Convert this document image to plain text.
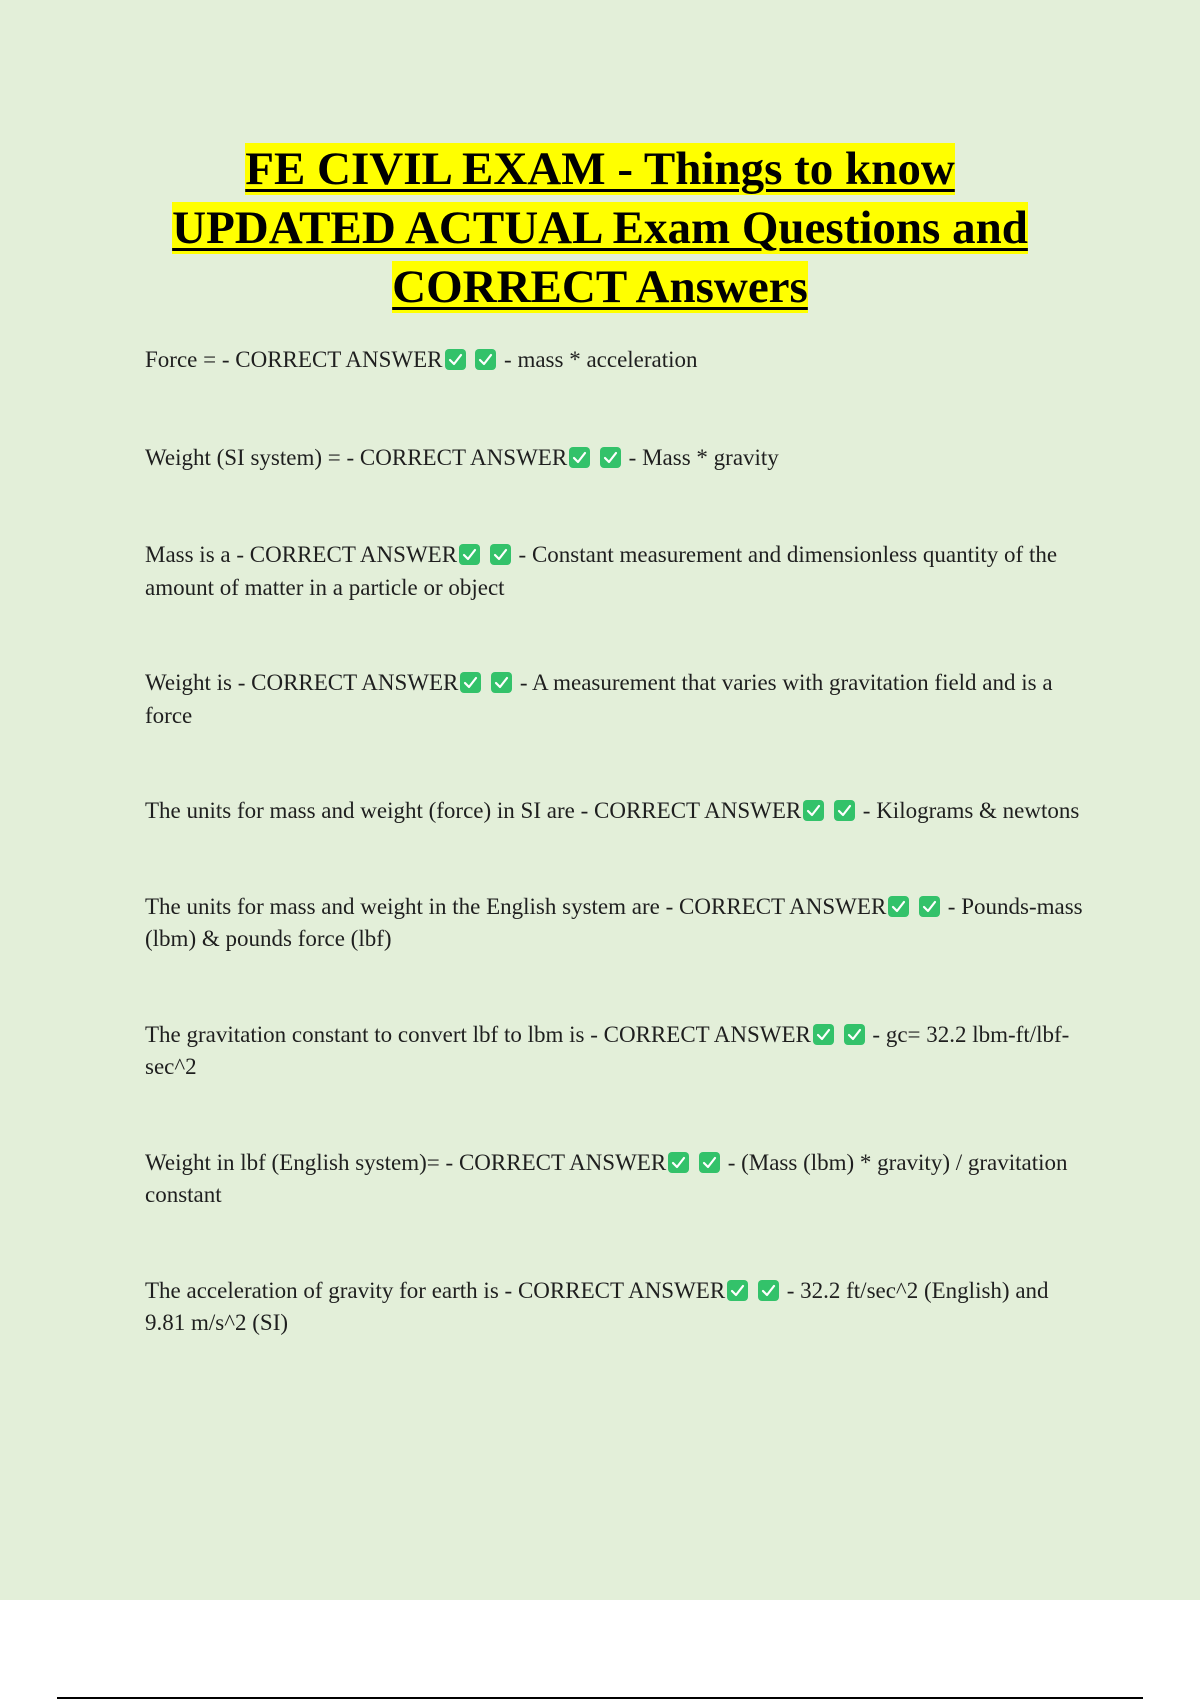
FE CIVIL EXAM - Things to know
UPDATED ACTUAL Exam Questions and
CORRECT Answers

Force = - CORRECT ANSWER

- mass * acceleration

Weight (SI system) = - CORRECT ANSWER

- Mass * gravity

Mass is a - CORRECT ANSWER

- Constant measurement and dimensionless quantity of the amount of matter in a particle or object

Weight is - CORRECT ANSWER

- A measurement that varies with gravitation field and is a force

The units for mass and weight (force) in SI are - CORRECT ANSWER

- Kilograms & newtons

The units for mass and weight in the English system are - CORRECT ANSWER

- Pounds-mass (lbm) & pounds force (lbf)

The gravitation constant to convert lbf to lbm is - CORRECT ANSWER

- gc= 32.2 lbm-ft/lbf-sec^2

Weight in lbf (English system)= - CORRECT ANSWER

- (Mass (lbm) * gravity) / gravitation constant

The acceleration of gravity for earth is - CORRECT ANSWER

- 32.2 ft/sec^2 (English) and 9.81 m/s^2 (SI)
